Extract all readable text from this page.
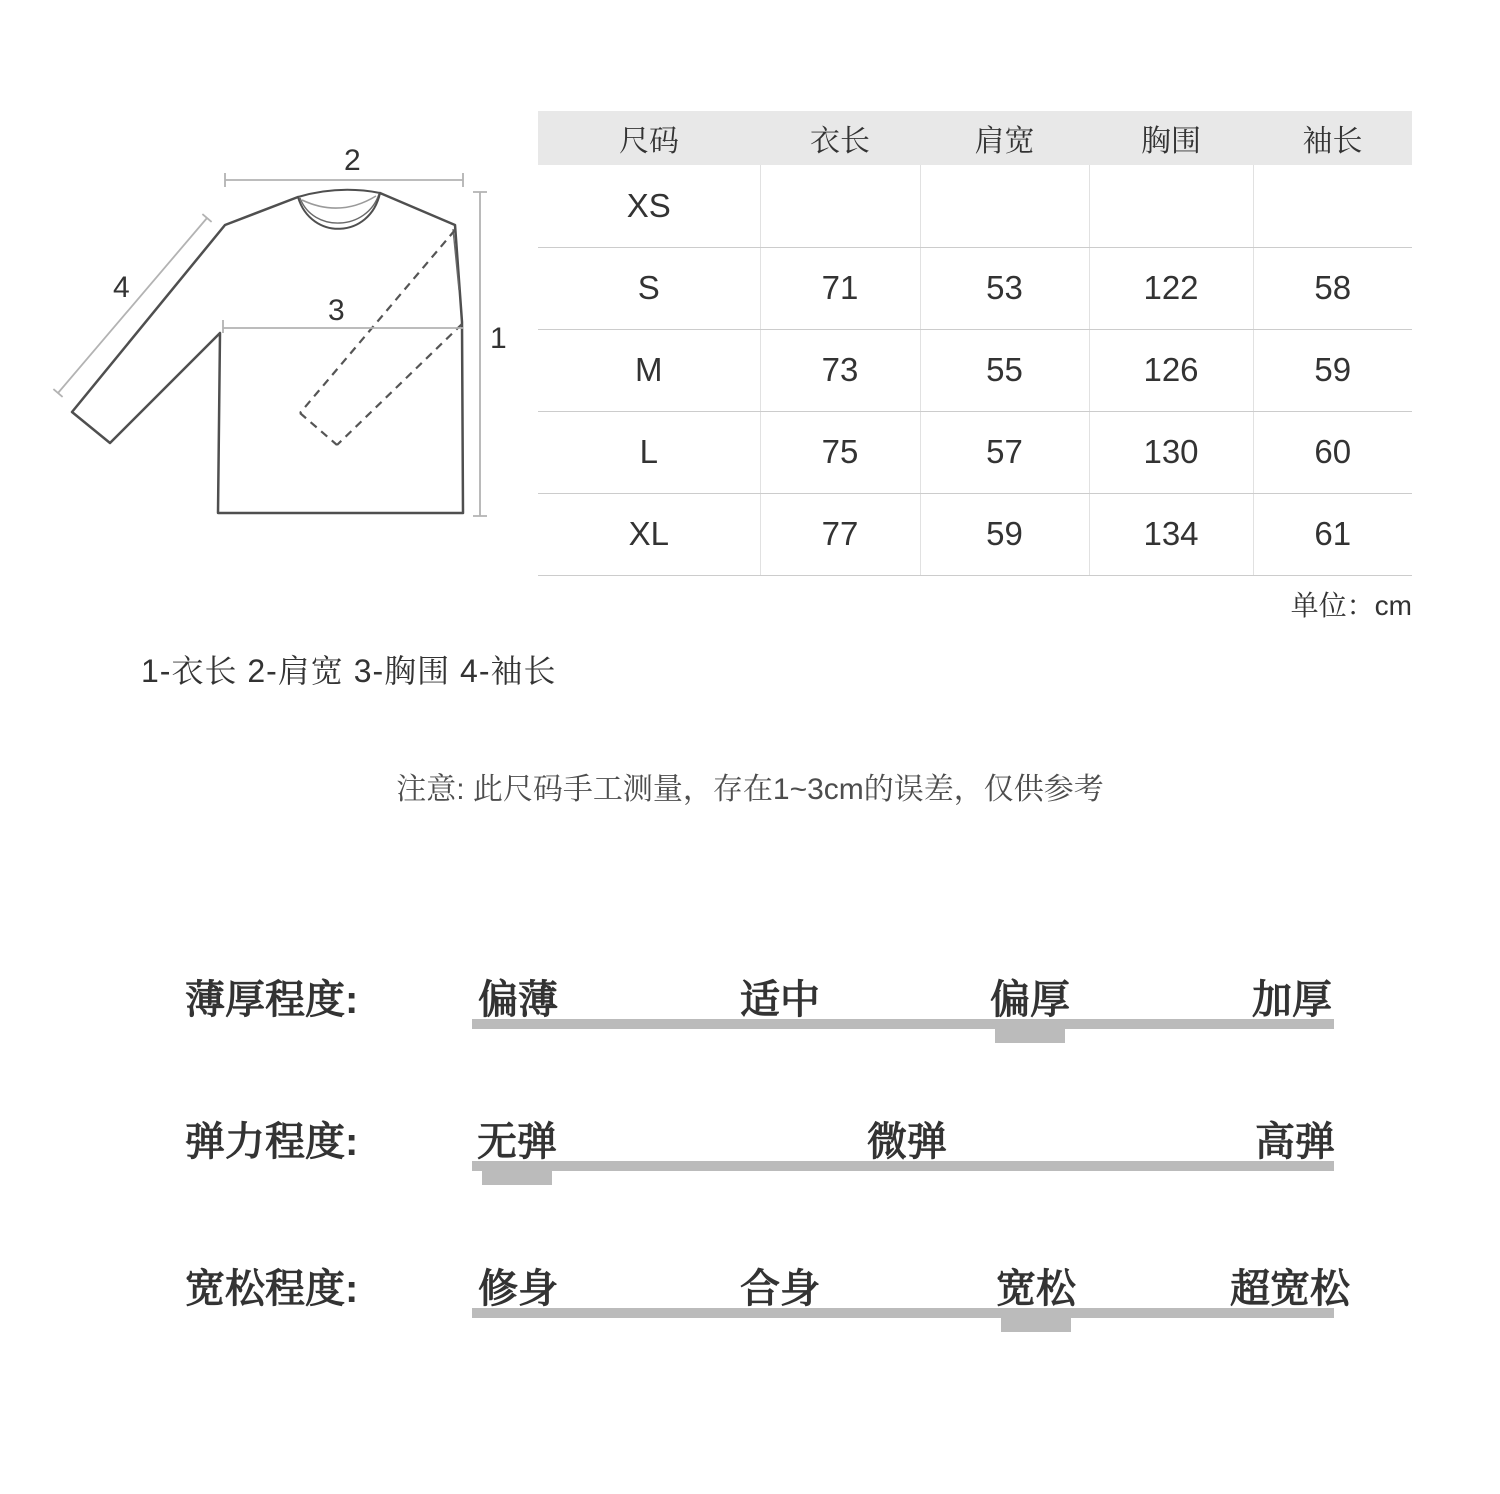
2
1
3
4
尺码	衣长	肩宽	胸围	袖长
XS				
S	71	53	122	58
M	73	55	126	59
L	75	57	130	60
XL	77	59	134	61
单位：cm
1-衣长 2-肩宽 3-胸围 4-袖长
注意: 此尺码手工测量，存在1~3cm的误差，仅供参考
薄厚程度:	偏薄	适中	偏厚	加厚
弹力程度:	无弹	微弹	高弹
宽松程度:	修身	合身	宽松	超宽松
